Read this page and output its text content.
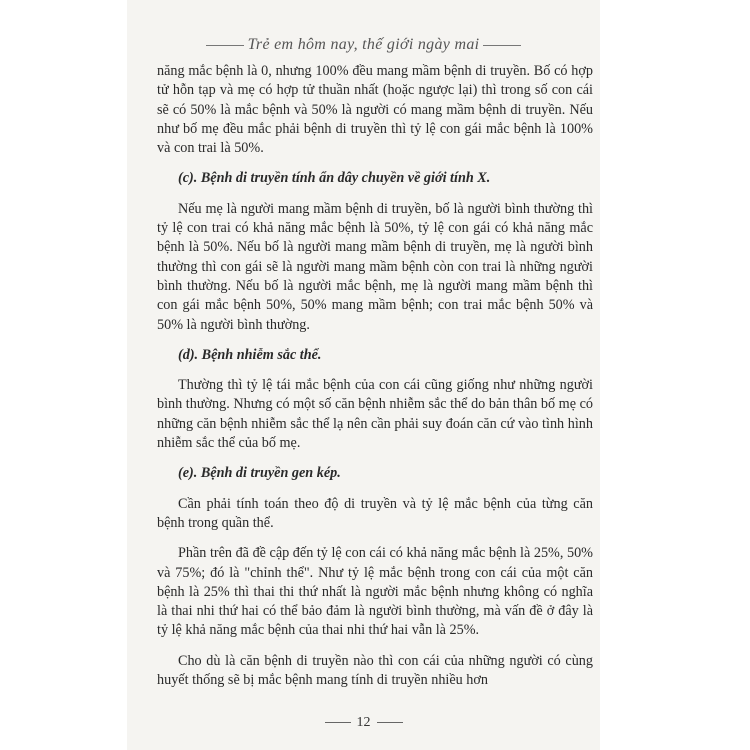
Trẻ em hôm nay, thế giới ngày mai

năng mắc bệnh là 0, nhưng 100% đều mang mầm bệnh di truyền. Bố có hợp tử hỗn tạp và mẹ có hợp tử thuần nhất (hoặc ngược lại) thì trong số con cái sẽ có 50% là mắc bệnh và 50% là người có mang mầm bệnh di truyền. Nếu như bố mẹ đều mắc phải bệnh di truyền thì tỷ lệ con gái mắc bệnh là 100% và con trai là 50%.

(c). Bệnh di truyền tính ẩn dây chuyền về giới tính X.

Nếu mẹ là người mang mầm bệnh di truyền, bố là người bình thường thì tỷ lệ con trai có khả năng mắc bệnh là 50%, tỷ lệ con gái có khả năng mắc bệnh là 50%. Nếu bố là người mang mầm bệnh di truyền, mẹ là người bình thường thì con gái sẽ là người mang mầm bệnh còn con trai là những người bình thường. Nếu bố là người mắc bệnh, mẹ là người mang mầm bệnh thì con gái mắc bệnh 50%, 50% mang mầm bệnh; con trai mắc bệnh 50% và 50% là người bình thường.

(d). Bệnh nhiễm sắc thể.

Thường thì tỷ lệ tái mắc bệnh của con cái cũng giống như những người bình thường. Nhưng có một số căn bệnh nhiễm sắc thể do bản thân bố mẹ có những căn bệnh nhiễm sắc thể lạ nên cần phải suy đoán căn cứ vào tình hình nhiễm sắc thể của bố mẹ.

(e). Bệnh di truyền gen kép.

Cần phải tính toán theo độ di truyền và tỷ lệ mắc bệnh của từng căn bệnh trong quần thể.

Phần trên đã đề cập đến tỷ lệ con cái có khả năng mắc bệnh là 25%, 50% và 75%; đó là "chỉnh thể". Như tỷ lệ mắc bệnh trong con cái của một căn bệnh là 25% thì thai thi thứ nhất là người mắc bệnh nhưng không có nghĩa là thai nhi thứ hai có thể bảo đảm là người bình thường, mà vấn đề ở đây là tỷ lệ khả năng mắc bệnh của thai nhi thứ hai vẫn là 25%.

Cho dù là căn bệnh di truyền nào thì con cái của những người có cùng huyết thống sẽ bị mắc bệnh mang tính di truyền nhiều hơn

12
